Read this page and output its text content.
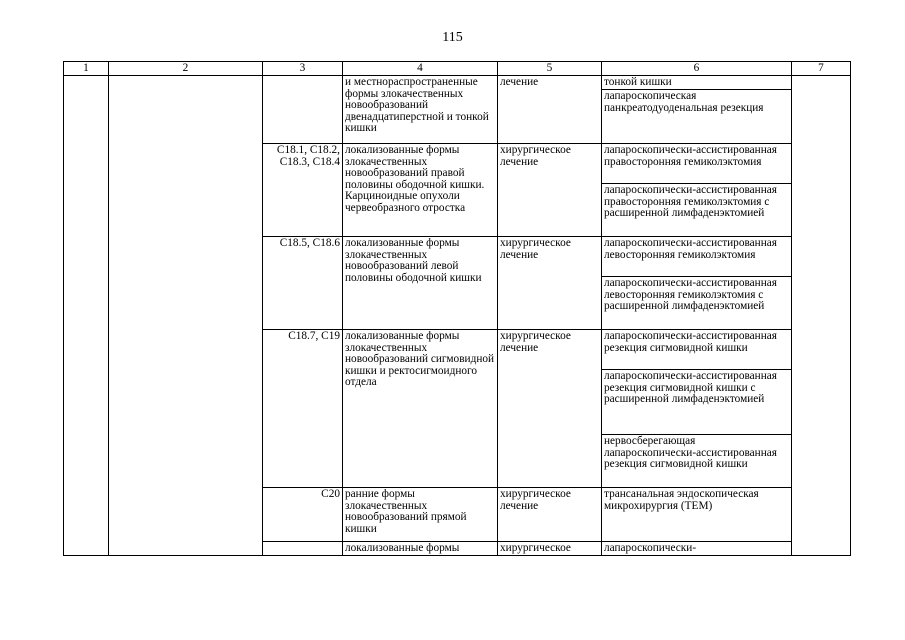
115
1	2	3	4	5	6	7
			и местнораспространенные формы злокачественных новообразований двенадцатиперстной и тонкой кишки	лечение	тонкой кишки	
					лапароскопическая панкреатодуоденальная резекция	
		C18.1, C18.2, C18.3, C18.4	локализованные формы злокачественных новообразований правой половины ободочной кишки. Карциноидные опухоли червеобразного отростка	хирургическое лечение	лапароскопически-ассистированная правосторонняя гемиколэктомия	
					лапароскопически-ассистированная правосторонняя гемиколэктомия с расширенной лимфаденэктомией	
		C18.5, C18.6	локализованные формы злокачественных новообразований левой половины ободочной кишки	хирургическое лечение	лапароскопически-ассистированная левосторонняя гемиколэктомия	
					лапароскопически-ассистированная левосторонняя гемиколэктомия с расширенной лимфаденэктомией	
		C18.7, C19	локализованные формы злокачественных новообразований сигмовидной кишки и ректосигмоидного отдела	хирургическое лечение	лапароскопически-ассистированная резекция сигмовидной кишки	
					лапароскопически-ассистированная резекция сигмовидной кишки с расширенной лимфаденэктомией	
					нервосберегающая лапароскопически-ассистированная резекция сигмовидной кишки	
		C20	ранние формы злокачественных новообразований прямой кишки	хирургическое лечение	трансанальная эндоскопическая микрохирургия (ТЕМ)	
			локализованные формы	хирургическое	лапароскопически-	
